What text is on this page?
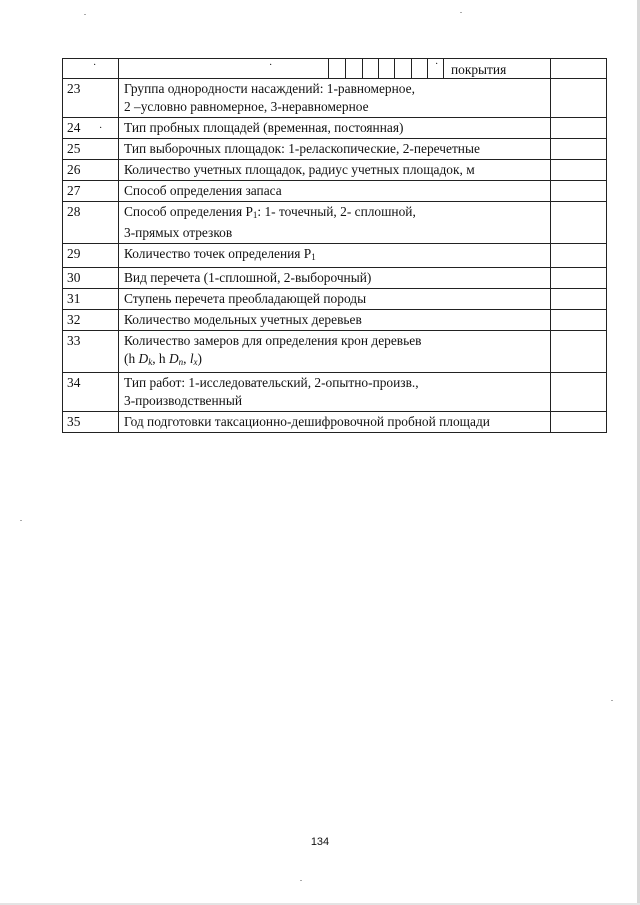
·	· · покрытия	

23	Группа однородности насаждений: 1-равномерное,
2 –условно равномерное, 3-неравномерное	

24 ·	Тип пробных площадей (временная, постоянная)	
25	Тип выборочных площадок: 1-реласкопические, 2-перечетные	
26	Количество учетных площадок, радиус учетных площадок, м	
27	Способ определения запаса	
28	Способ определения $Р_1$: 1- точечный, 2- сплошной,
3-прямых отрезков	

29	Количество точек определения $Р_1$	
30	Вид перечета (1-сплошной, 2-выборочный)	
31	Ступень перечета преобладающей породы	
32	Количество модельных учетных деревьев	
33	Количество замеров для определения крон деревьев
(h $D_k$, h $D_n$, $l_x$)	

34	Тип работ: 1-исследовательский, 2-опытно-произв.,
3-производственный	

35	Год подготовки таксационно-дешифровочной пробной площади	
134
